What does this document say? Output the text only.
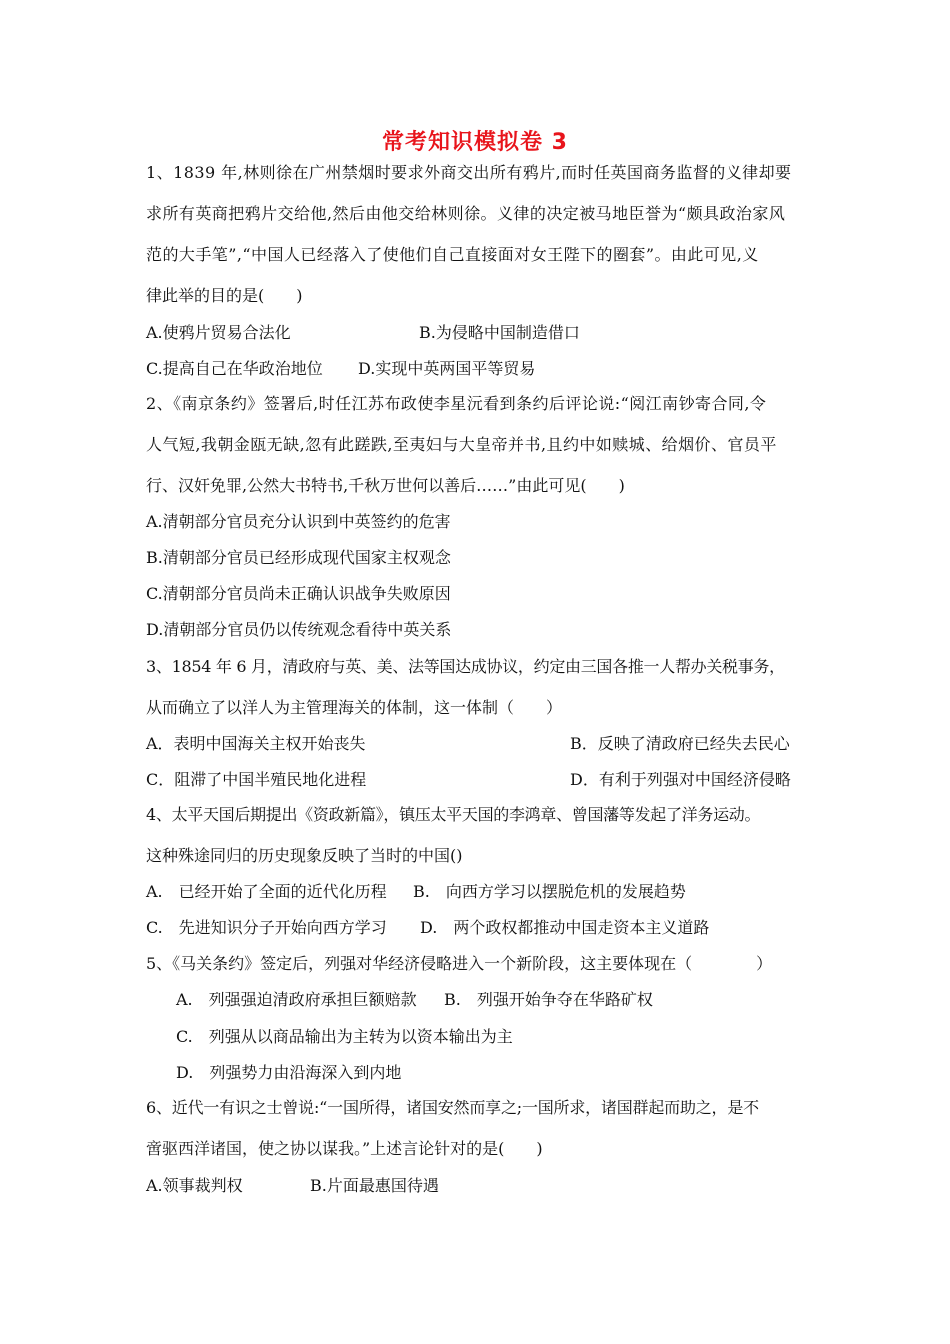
常考知识模拟卷 3
1、1839 年,林则徐在广州禁烟时要求外商交出所有鸦片,而时任英国商务监督的义律却要
求所有英商把鸦片交给他,然后由他交给林则徐。义律的决定被马地臣誉为“颇具政治家风
范的大手笔”,“中国人已经落入了使他们自己直接面对女王陛下的圈套”。由此可见,义
律此举的目的是(　　)
A.使鸦片贸易合法化	B.为侵略中国制造借口
C.提高自己在华政治地位 D.实现中英两国平等贸易
2、《南京条约》签署后,时任江苏布政使李星沅看到条约后评论说:“阅江南钞寄合同,令
人气短,我朝金瓯无缺,忽有此蹉跌,至夷妇与大皇帝并书,且约中如赎城、给烟价、官员平
行、汉奸免罪,公然大书特书,千秋万世何以善后……”由此可见(　　)
A.清朝部分官员充分认识到中英签约的危害
B.清朝部分官员已经形成现代国家主权观念
C.清朝部分官员尚未正确认识战争失败原因
D.清朝部分官员仍以传统观念看待中英关系
3、1854 年 6 月，清政府与英、美、法等国达成协议，约定由三国各推一人帮办关税事务，
从而确立了以洋人为主管理海关的体制，这一体制（　　）
A．表明中国海关主权开始丧失	B．反映了清政府已经失去民心
C．阻滞了中国半殖民地化进程	D．有利于列强对中国经济侵略
4、太平天国后期提出《资政新篇》，镇压太平天国的李鸿章、曾国藩等发起了洋务运动。
这种殊途同归的历史现象反映了当时的中国()
A.　已经开始了全面的近代化历程 B.　向西方学习以摆脱危机的发展趋势
C.　先进知识分子开始向西方学习 D.　两个政权都推动中国走资本主义道路
5、《马关条约》签定后，列强对华经济侵略进入一个新阶段，这主要体现在（　　　　）
A.　列强强迫清政府承担巨额赔款 B.　列强开始争夺在华路矿权
C.　列强从以商品输出为主转为以资本输出为主
D.　列强势力由沿海深入到内地
6、近代一有识之士曾说:“一国所得，诸国安然而享之;一国所求，诸国群起而助之，是不
啻驱西洋诸国，使之协以谋我。”上述言论针对的是(　　)
A.领事裁判权	B.片面最惠国待遇
